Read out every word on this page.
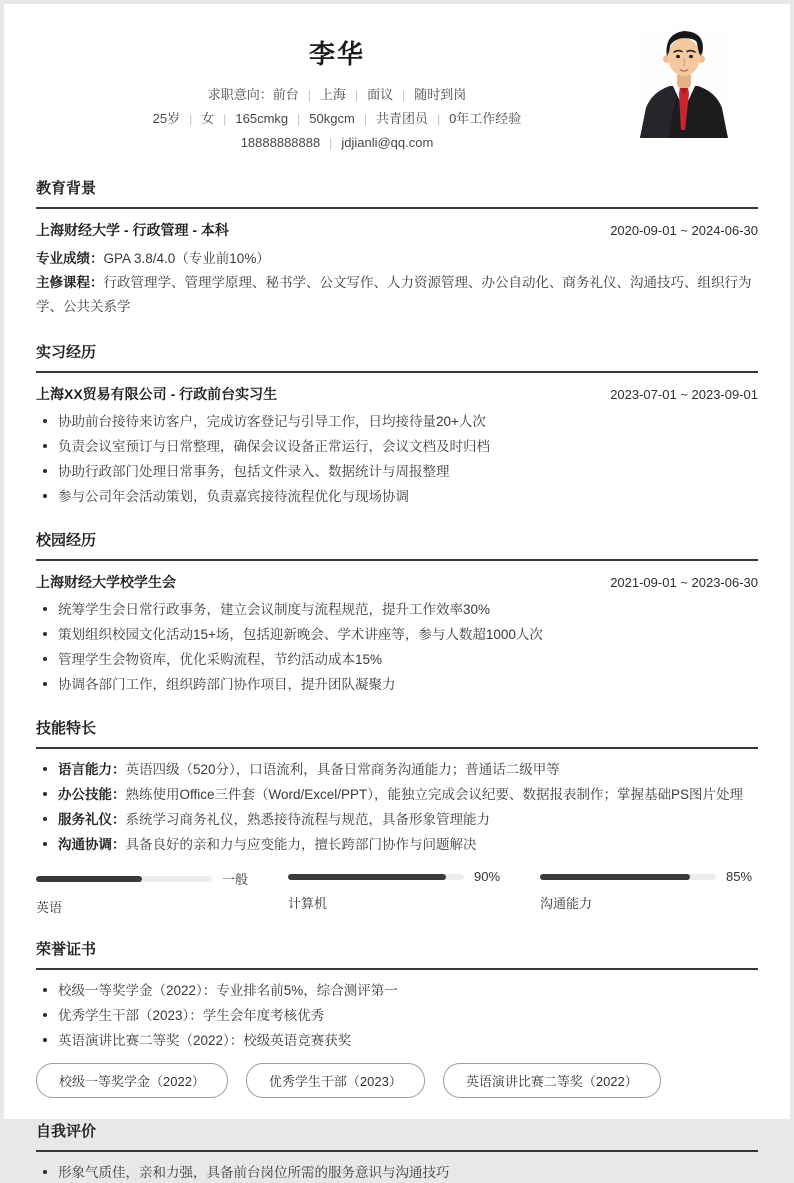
李华
求职意向：前台 | 上海 | 面议 | 随时到岗
25岁 | 女 | 165cmkg | 50kgcm | 共青团员 | 0年工作经验
18888888888 | jdjianli@qq.com
教育背景
上海财经大学 - 行政管理 - 本科	2020-09-01 ~ 2024-06-30
专业成绩：GPA 3.8/4.0（专业前10%）
主修课程：行政管理学、管理学原理、秘书学、公文写作、人力资源管理、办公自动化、商务礼仪、沟通技巧、组织行为学、公共关系学
实习经历
上海XX贸易有限公司 - 行政前台实习生	2023-07-01 ~ 2023-09-01
协助前台接待来访客户，完成访客登记与引导工作，日均接待量20+人次
负责会议室预订与日常整理，确保会议设备正常运行，会议文档及时归档
协助行政部门处理日常事务，包括文件录入、数据统计与周报整理
参与公司年会活动策划，负责嘉宾接待流程优化与现场协调
校园经历
上海财经大学校学生会	2021-09-01 ~ 2023-06-30
统筹学生会日常行政事务，建立会议制度与流程规范，提升工作效率30%
策划组织校园文化活动15+场，包括迎新晚会、学术讲座等，参与人数超1000人次
管理学生会物资库，优化采购流程，节约活动成本15%
协调各部门工作，组织跨部门协作项目，提升团队凝聚力
技能特长
语言能力：英语四级（520分），口语流利，具备日常商务沟通能力；普通话二级甲等
办公技能：熟练使用Office三件套（Word/Excel/PPT），能独立完成会议纪要、数据报表制作；掌握基础PS图片处理
服务礼仪：系统学习商务礼仪，熟悉接待流程与规范，具备形象管理能力
沟通协调：具备良好的亲和力与应变能力，擅长跨部门协作与问题解决
一般
英语
90%
计算机
85%
沟通能力
荣誉证书
校级一等奖学金（2022）：专业排名前5%，综合测评第一
优秀学生干部（2023）：学生会年度考核优秀
英语演讲比赛二等奖（2022）：校级英语竞赛获奖
校级一等奖学金（2022）	优秀学生干部（2023）	英语演讲比赛二等奖（2022）
自我评价
形象气质佳，亲和力强，具备前台岗位所需的服务意识与沟通技巧
